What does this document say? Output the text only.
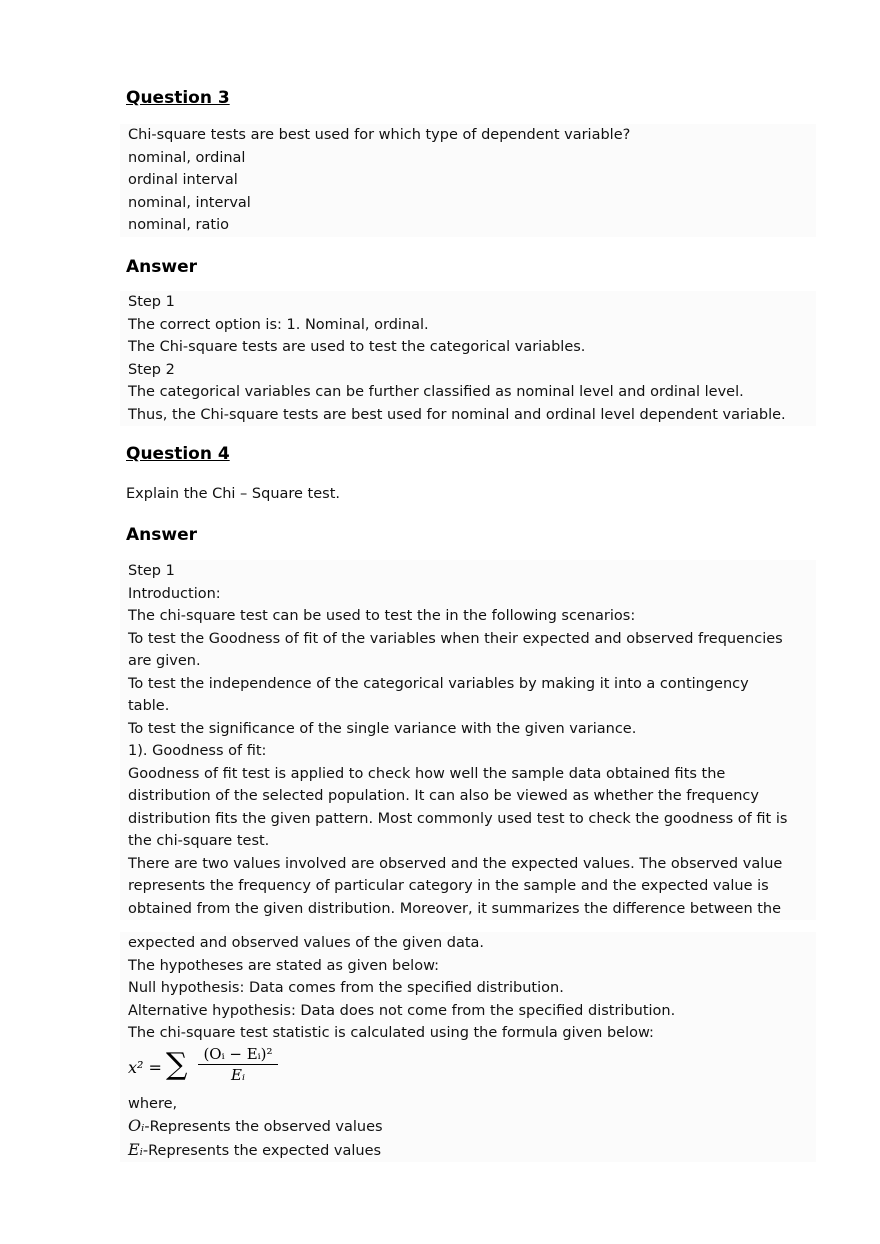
Question 3
Chi-square tests are best used for which type of dependent variable?
nominal, ordinal
ordinal interval
nominal, interval
nominal, ratio
Answer
Step 1
The correct option is: 1. Nominal, ordinal.
The Chi-square tests are used to test the categorical variables.
Step 2
The categorical variables can be further classified as nominal level and ordinal level.
Thus, the Chi-square tests are best used for nominal and ordinal level dependent variable.
Question 4
Explain the Chi – Square test.
Answer
Step 1
Introduction:
The chi-square test can be used to test the in the following scenarios:
To test the Goodness of fit of the variables when their expected and observed frequencies
are given.
To test the independence of the categorical variables by making it into a contingency
table.
To test the significance of the single variance with the given variance.
1). Goodness of fit:
Goodness of fit test is applied to check how well the sample data obtained fits the
distribution of the selected population. It can also be viewed as whether the frequency
distribution fits the given pattern. Most commonly used test to check the goodness of fit is
the chi-square test.
There are two values involved are observed and the expected values. The observed value
represents the frequency of particular category in the sample and the expected value is
obtained from the given distribution. Moreover, it summarizes the difference between the
expected and observed values of the given data.
The hypotheses are stated as given below:
Null hypothesis: Data comes from the specified distribution.
Alternative hypothesis: Data does not come from the specified distribution.
The chi-square test statistic is calculated using the formula given below:
x² = ∑ $\frac{\text{(Oᵢ − Eᵢ)²}}{\text{Eᵢ}}$
where,
Oᵢ-Represents the observed values
Eᵢ-Represents the expected values
